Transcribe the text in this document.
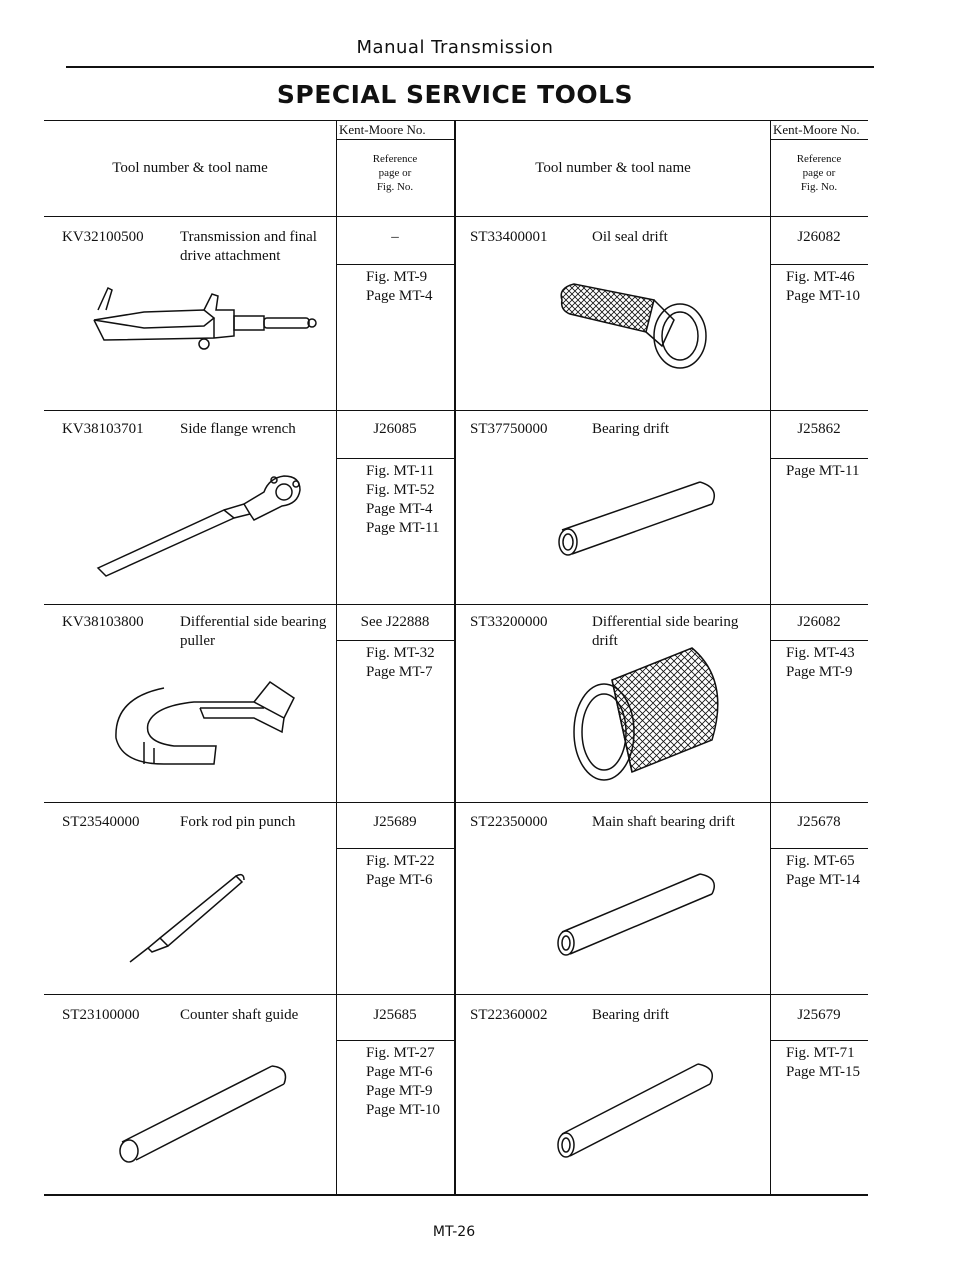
Manual Transmission
SPECIAL SERVICE TOOLS
Tool number & tool name
Kent-Moore No.
Reference
page or
Fig. No.
Tool number & tool name
Kent-Moore No.
Reference
page or
Fig. No.
KV32100500 Transmission and final drive attachment
–
Fig. MT-9
Page MT-4
KV38103701 Side flange wrench	J26085
Fig. MT-11
Fig. MT-52
Page MT-4
Page MT-11
KV38103800 Differential side bearing puller
See J22888
Fig. MT-32
Page MT-7
ST23540000	Fork rod pin punch	J25689
Fig. MT-22
Page MT-6
ST23100000	Counter shaft guide	J25685
Fig. MT-27
Page MT-6
Page MT-9
Page MT-10
ST33400001	Oil seal drift	J26082
Fig. MT-46
Page MT-10
ST37750000	Bearing drift	J25862
Page MT-11
ST33200000	Differential side bearing drift
J26082
Fig. MT-43
Page MT-9
ST22350000	Main shaft bearing drift	J25678
Fig. MT-65
Page MT-14
ST22360002	Bearing drift	J25679
Fig. MT-71
Page MT-15
MT-26
